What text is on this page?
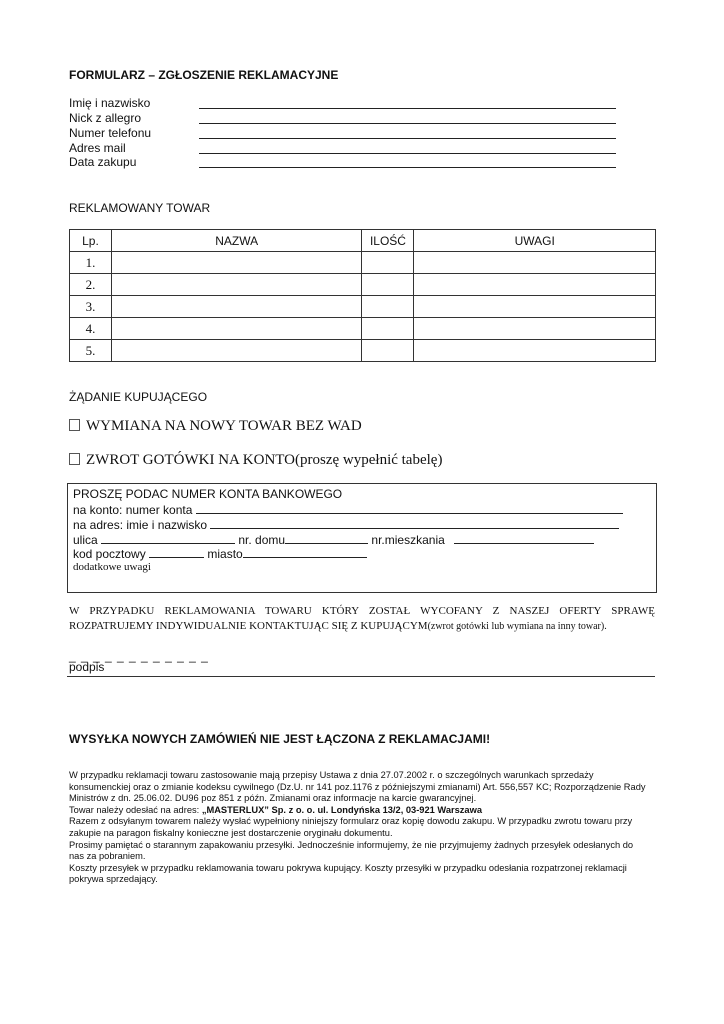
FORMULARZ – ZGŁOSZENIE REKLAMACYJNE
Imię i nazwisko
Nick z allegro
Numer telefonu
Adres mail
Data zakupu
REKLAMOWANY TOWAR
Lp.	NAZWA	ILOŚĆ	UWAGI
1.			
2.			
3.			
4.			
5.			
ŻĄDANIE KUPUJĄCEGO
WYMIANA NA NOWY TOWAR BEZ WAD
ZWROT GOTÓWKI NA KONTO(proszę wypełnić tabelę)
PROSZĘ PODAC NUMER KONTA BANKOWEGO
na konto: numer konta
na adres: imie i nazwisko
ulica	nr. domu	nr.mieszkania
kod pocztowy	miasto
dodatkowe uwagi
W PRZYPADKU REKLAMOWANIA TOWARU KTÓRY ZOSTAŁ WYCOFANY Z NASZEJ OFERTY SPRAWĘ ROZPATRUJEMY INDYWIDUALNIE KONTAKTUJĄC SIĘ Z KUPUJĄCYM(zwrot gotówki lub wymiana na inny towar).
_ _ _ _ _ _ _ _ _ _ _ _
podpis
WYSYŁKA NOWYCH ZAMÓWIEŃ NIE JEST ŁĄCZONA Z REKLAMACJAMI!

W przypadku reklamacji towaru zastosowanie mają przepisy Ustawa z dnia 27.07.2002 r. o szczególnych warunkach sprzedaży konsumenckiej oraz o zmianie kodeksu cywilnego (Dz.U. nr 141 poz.1176 z późniejszymi zmianami) Art. 556,557 KC; Rozporządzenie Rady Ministrów z dn. 25.06.02. DU96 poz 851 z późn. Zmianami oraz informacje na karcie gwarancyjnej.

Towar należy odesłać na adres: „MASTERLUX” Sp. z o. o. ul. Londyńska 13/2, 03-921 Warszawa

Razem z odsyłanym towarem należy wysłać wypełniony niniejszy formularz oraz kopię dowodu zakupu. W przypadku zwrotu towaru przy zakupie na paragon fiskalny konieczne jest dostarczenie oryginału dokumentu.

Prosimy pamiętać o starannym zapakowaniu przesyłki. Jednocześnie informujemy, że nie przyjmujemy żadnych przesyłek odesłanych do nas za pobraniem.

Koszty przesyłek w przypadku reklamowania towaru pokrywa kupujący. Koszty przesyłki w przypadku odesłania rozpatrzonej reklamacji pokrywa sprzedający.
